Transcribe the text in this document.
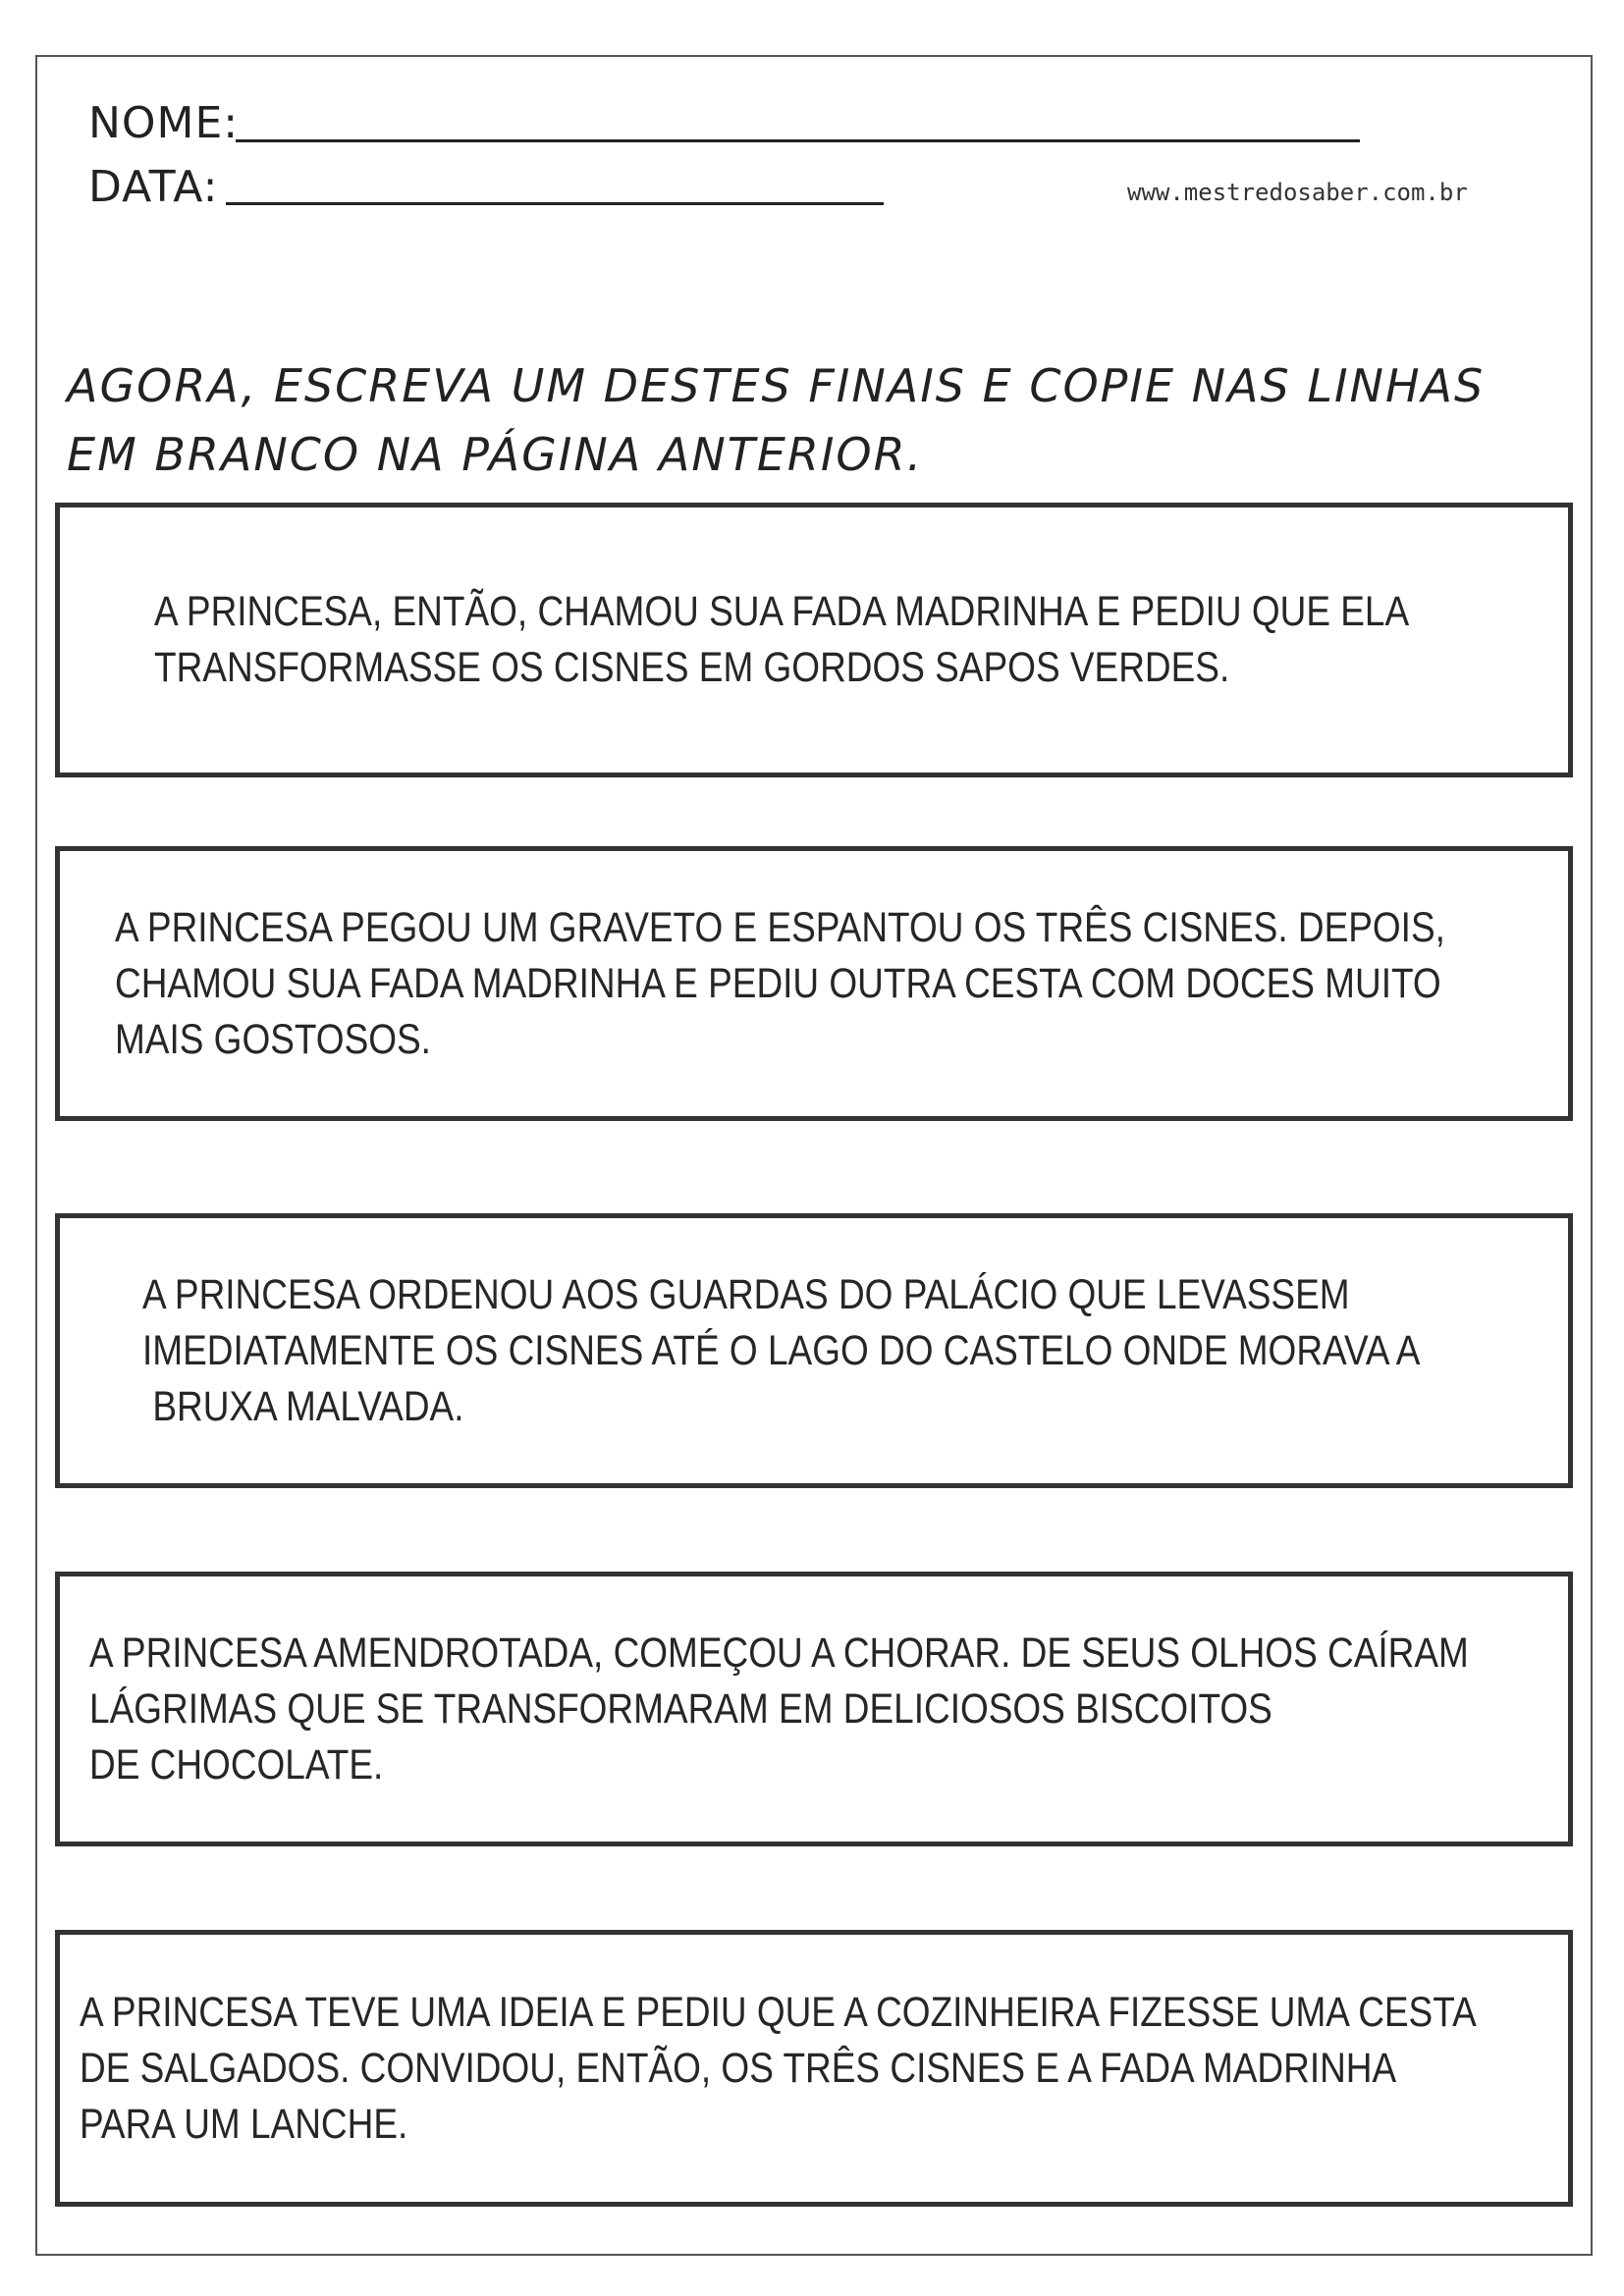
NOME:
DATA:	www.mestredosaber.com.br
AGORA, ESCREVA UM DESTES FINAIS E COPIE NAS LINHAS
EM BRANCO NA PÁGINA ANTERIOR.
A PRINCESA, ENTÃO, CHAMOU SUA FADA MADRINHA E PEDIU QUE ELA
TRANSFORMASSE OS CISNES EM GORDOS SAPOS VERDES.
A PRINCESA PEGOU UM GRAVETO E ESPANTOU OS TRÊS CISNES. DEPOIS,
CHAMOU SUA FADA MADRINHA E PEDIU OUTRA CESTA COM DOCES MUITO
MAIS GOSTOSOS.
A PRINCESA ORDENOU AOS GUARDAS DO PALÁCIO QUE LEVASSEM
IMEDIATAMENTE OS CISNES ATÉ O LAGO DO CASTELO ONDE MORAVA A
BRUXA MALVADA.
A PRINCESA AMENDROTADA, COMEÇOU A CHORAR. DE SEUS OLHOS CAÍRAM
LÁGRIMAS QUE SE TRANSFORMARAM EM DELICIOSOS BISCOITOS
DE CHOCOLATE.
A PRINCESA TEVE UMA IDEIA E PEDIU QUE A COZINHEIRA FIZESSE UMA CESTA
DE SALGADOS. CONVIDOU, ENTÃO, OS TRÊS CISNES E A FADA MADRINHA
PARA UM LANCHE.
